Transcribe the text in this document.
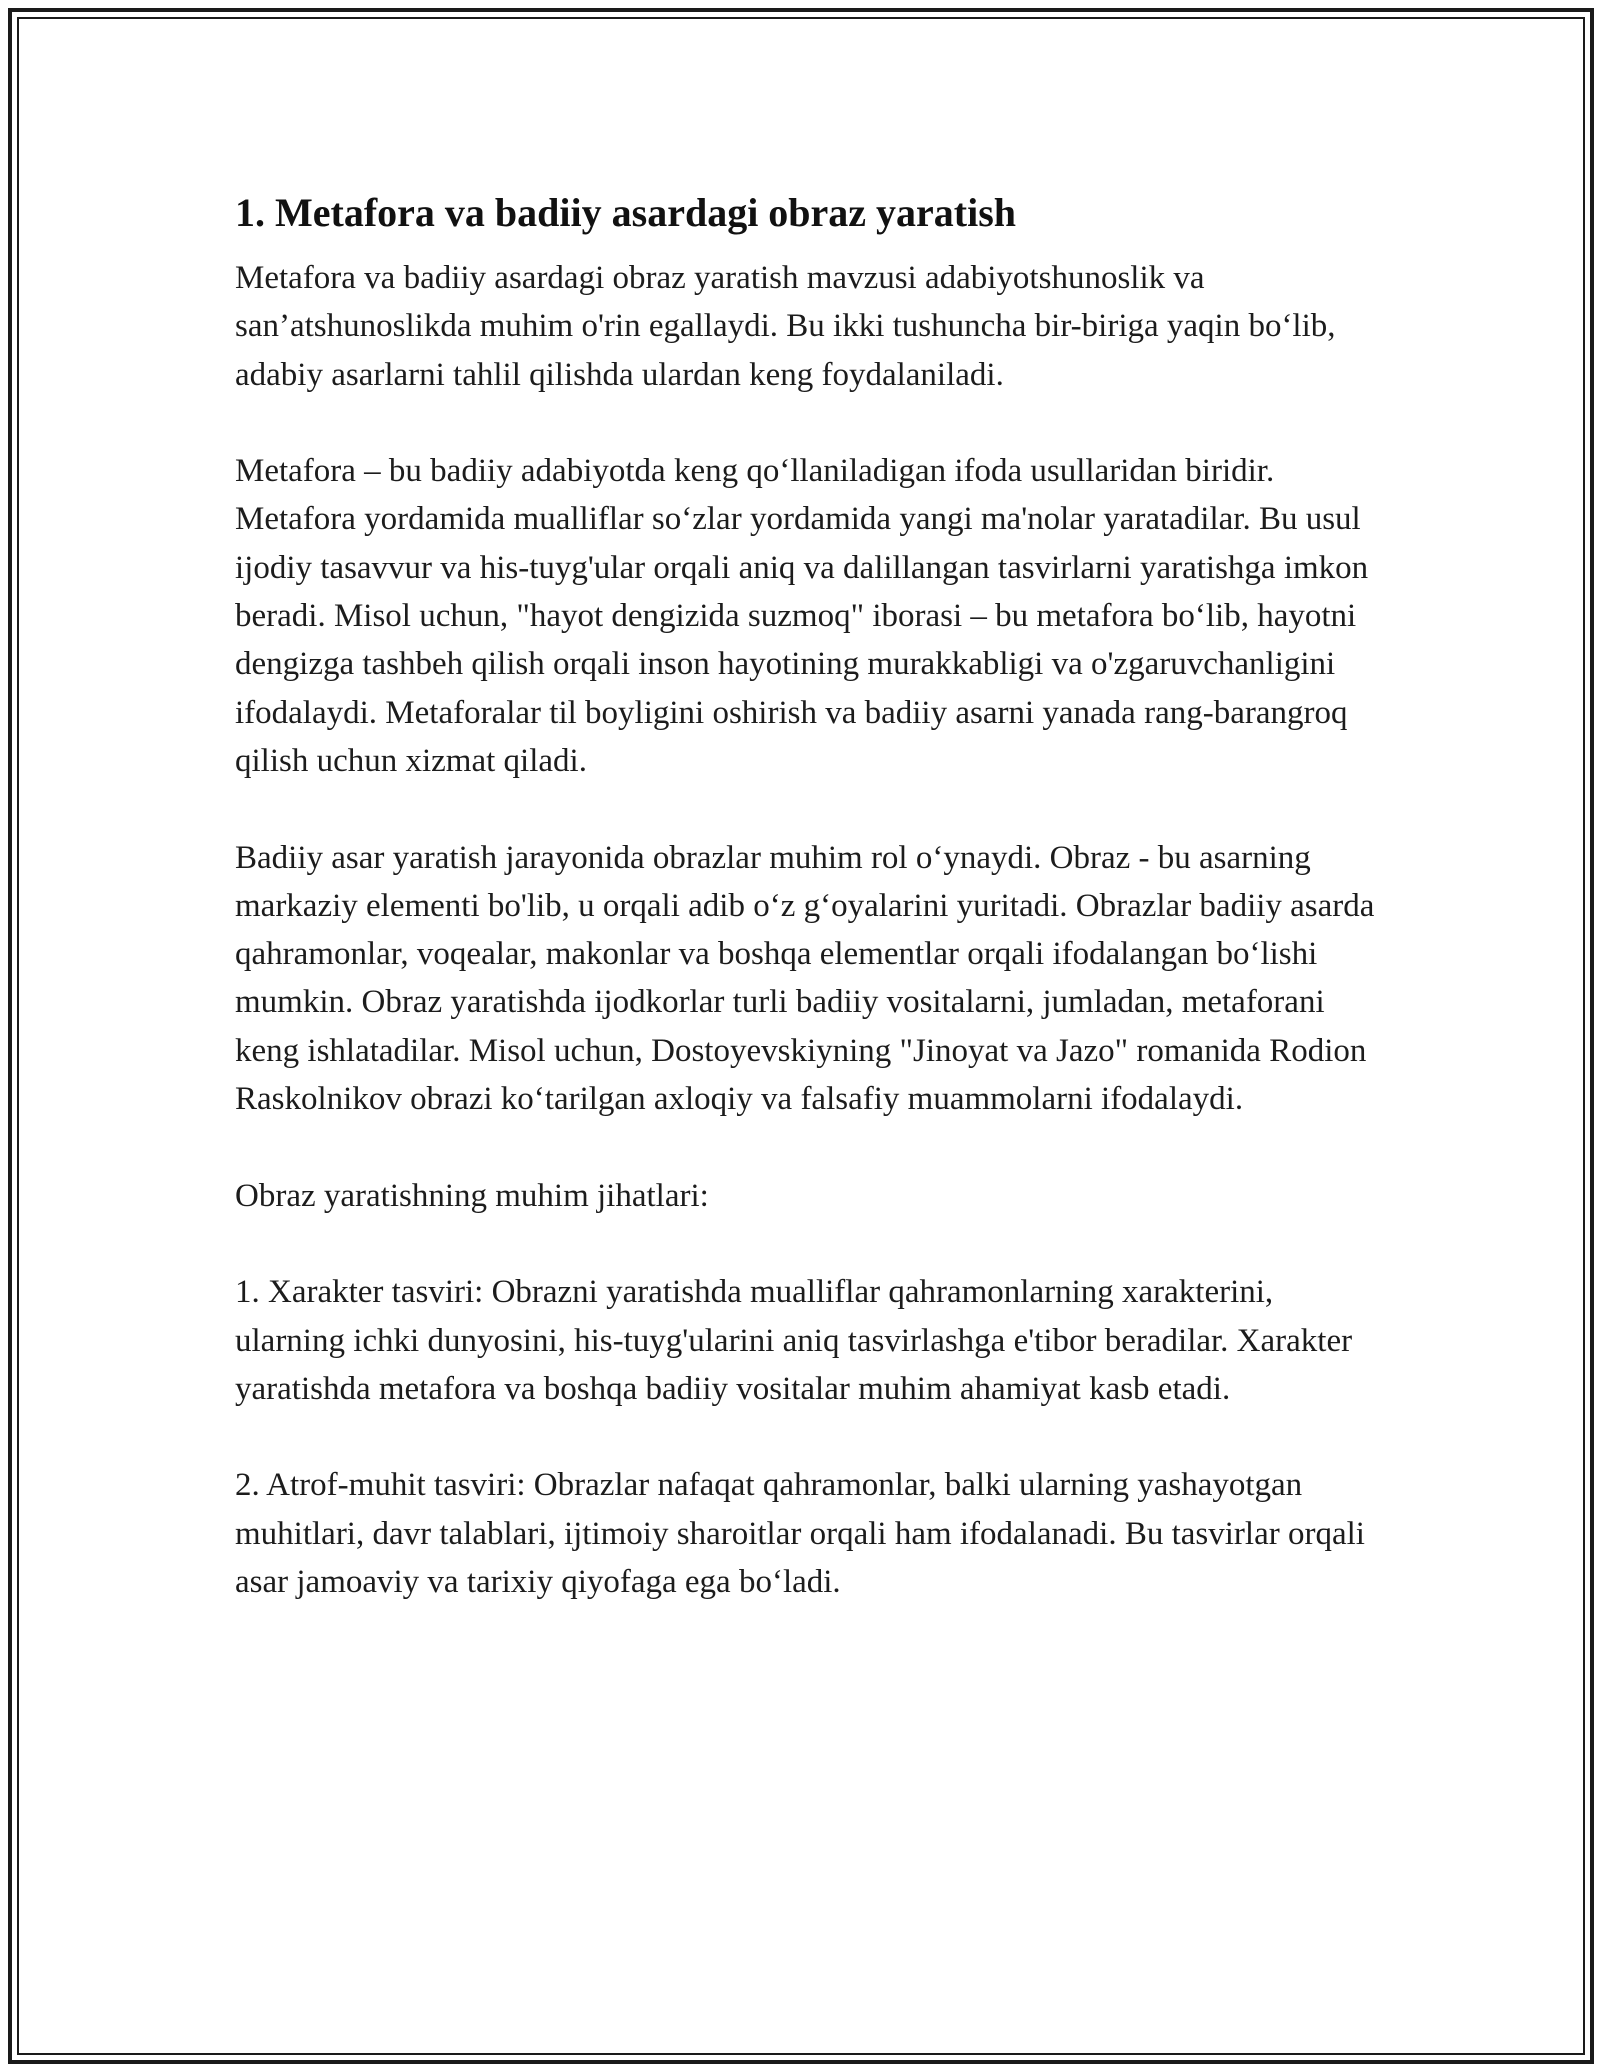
1. Metafora va badiiy asardagi obraz yaratish

Metafora va badiiy asardagi obraz yaratish mavzusi adabiyotshunoslik va san’atshunoslikda muhim o'rin egallaydi. Bu ikki tushuncha bir-biriga yaqin bo‘lib, adabiy asarlarni tahlil qilishda ulardan keng foydalaniladi.

Metafora – bu badiiy adabiyotda keng qo‘llaniladigan ifoda usullaridan biridir. Metafora yordamida mualliflar so‘zlar yordamida yangi ma'nolar yaratadilar. Bu usul ijodiy tasavvur va his-tuyg'ular orqali aniq va dalillangan tasvirlarni yaratishga imkon beradi. Misol uchun, "hayot dengizida suzmoq" iborasi – bu metafora bo‘lib, hayotni dengizga tashbeh qilish orqali inson hayotining murakkabligi va o'zgaruvchanligini ifodalaydi. Metaforalar til boyligini oshirish va badiiy asarni yanada rang-barangroq qilish uchun xizmat qiladi.

Badiiy asar yaratish jarayonida obrazlar muhim rol o‘ynaydi. Obraz - bu asarning markaziy elementi bo'lib, u orqali adib o‘z g‘oyalarini yuritadi. Obrazlar badiiy asarda qahramonlar, voqealar, makonlar va boshqa elementlar orqali ifodalangan bo‘lishi mumkin. Obraz yaratishda ijodkorlar turli badiiy vositalarni, jumladan, metaforani keng ishlatadilar. Misol uchun, Dostoyevskiyning "Jinoyat va Jazo" romanida Rodion Raskolnikov obrazi ko‘tarilgan axloqiy va falsafiy muammolarni ifodalaydi.

Obraz yaratishning muhim jihatlari:

1. Xarakter tasviri: Obrazni yaratishda mualliflar qahramonlarning xarakterini, ularning ichki dunyosini, his-tuyg'ularini aniq tasvirlashga e'tibor beradilar. Xarakter yaratishda metafora va boshqa badiiy vositalar muhim ahamiyat kasb etadi.

2. Atrof-muhit tasviri: Obrazlar nafaqat qahramonlar, balki ularning yashayotgan muhitlari, davr talablari, ijtimoiy sharoitlar orqali ham ifodalanadi. Bu tasvirlar orqali asar jamoaviy va tarixiy qiyofaga ega bo‘ladi.
